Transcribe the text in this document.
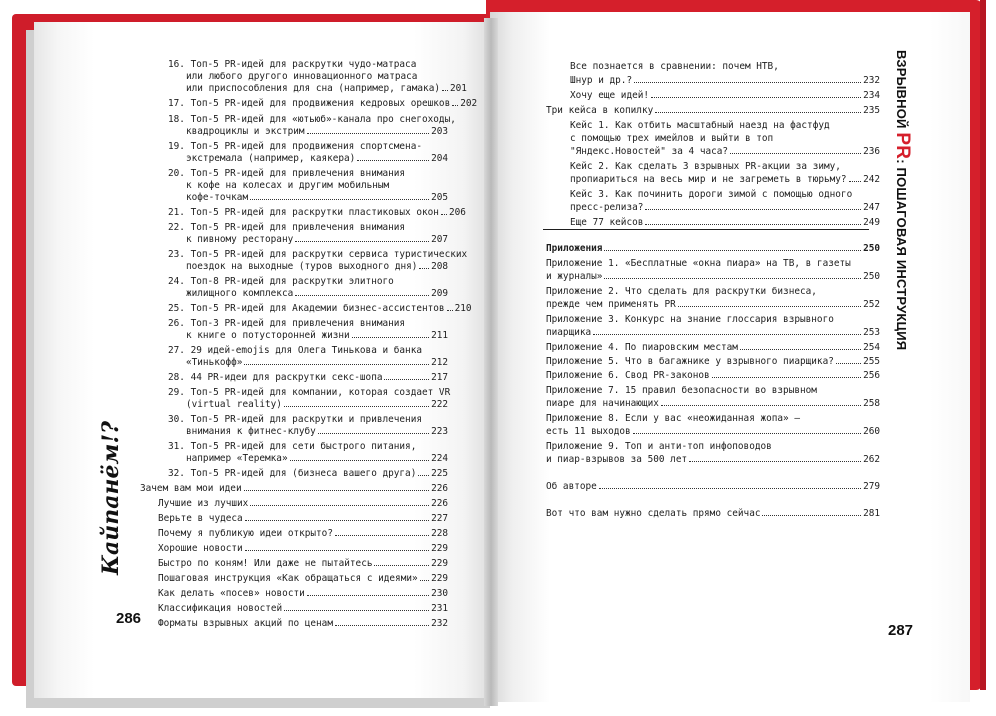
Кайпанём!?
ВЗРЫВНОЙ PR: ПОШАГОВАЯ ИНСТРУКЦИЯ
16. Топ-5 PR-идей для раскрутки чудо-матраса
или любого другого инновационного матраса
или приспособления для сна (например, гамака) 201
17. Топ-5 PR-идей для продвижения кедровых орешков 202
18. Топ-5 PR-идей для «ютьюб»-канала про снегоходы,
квадроциклы и экстрим	203
19. Топ-5 PR-идей для продвижения спортсмена-
экстремала (например, каякера)	204
20. Топ-5 PR-идей для привлечения внимания
к кофе на колесах и другим мобильным
кофе-точкам	205
21. Топ-5 PR-идей для раскрутки пластиковых окон 206
22. Топ-5 PR-идей для привлечения внимания
к пивному ресторану	207
23. Топ-5 PR-идей для раскрутки сервиса туристических
поездок на выходные (туров выходного дня) 208
24. Топ-8 PR-идей для раскрутки элитного
жилищного комплекса	209
25. Топ-5 PR-идей для Академии бизнес-ассистентов 210
26. Топ-3 PR-идей для привлечения внимания
к книге о потусторонней жизни	211
27. 29 идей-emojis для Олега Тинькова и банка
«Тинькофф»	212
28. 44 PR-идеи для раскрутки секс-шопа	217
29. Топ-5 PR-идей для компании, которая создает VR
(virtual reality)	222
30. Топ-5 PR-идей для раскрутки и привлечения
внимания к фитнес-клубу	223
31. Топ-5 PR-идей для сети быстрого питания,
например «Теремка»	224
32. Топ-5 PR-идей для (бизнеса вашего друга) 225
Зачем вам мои идеи	226
Лучшие из лучших	226
Верьте в чудеса	227
Почему я публикую идеи открыто?	228
Хорошие новости	229
Быстро по коням! Или даже не пытайтесь	229
Пошаговая инструкция «Как обращаться с идеями» 229
Как делать «посев» новости	230
Классификация новостей	231
Форматы взрывных акций по ценам	232
Все познается в сравнении: почем НТВ,
Шнур и др.?	232
Хочу еще идей!	234
Три кейса в копилку	235
Кейс 1. Как отбить масштабный наезд на фастфуд
с помощью трех имейлов и выйти в топ
"Яндекс.Новостей" за 4 часа?	236
Кейс 2. Как сделать 3 взрывных PR-акции за зиму,
пропиариться на весь мир и не загреметь в тюрьму? 242
Кейс 3. Как починить дороги зимой с помощью одного
пресс-релиза?	247
Еще 77 кейсов	249
Приложения	250
Приложение 1. «Бесплатные «окна пиара» на ТВ, в газеты
и журналы»	250
Приложение 2. Что сделать для раскрутки бизнеса,
прежде чем применять PR	252
Приложение 3. Конкурс на знание глоссария взрывного
пиарщика	253
Приложение 4. По пиаровским местам	254
Приложение 5. Что в багажнике у взрывного пиарщика?	255
Приложение 6. Свод PR-законов	256
Приложение 7. 15 правил безопасности во взрывном
пиаре для начинающих	258
Приложение 8. Если у вас «неожиданная жопа» —
есть 11 выходов	260
Приложение 9. Топ и анти-топ инфоповодов
и пиар-взрывов за 500 лет	262
Об авторе	279
Вот что вам нужно сделать прямо сейчас	281
286
287
